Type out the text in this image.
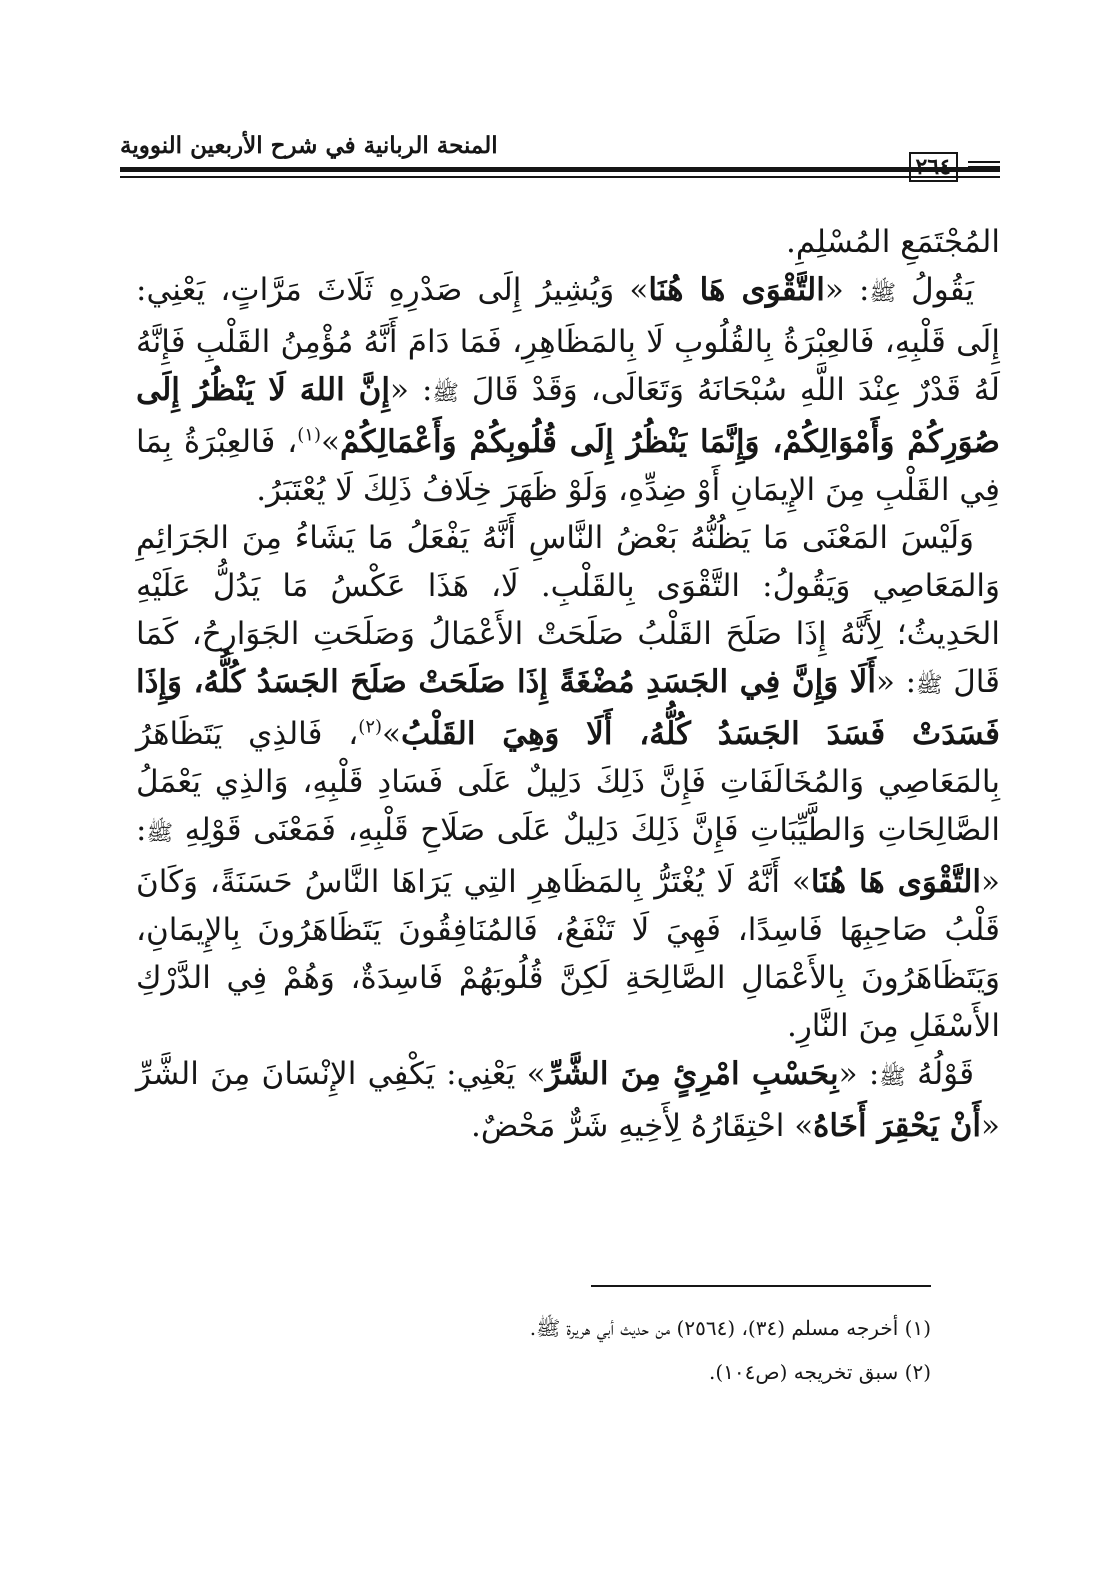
المنحة الربانية في شرح الأربعين النووية

المُجْتَمَعِ المُسْلِمِ.

يَقُولُ ﷺ: «التَّقْوَى هَا هُنَا» وَيُشِيرُ إِلَى صَدْرِهِ ثَلَاثَ مَرَّاتٍ، يَعْنِي: إِلَى قَلْبِهِ، فَالعِبْرَةُ بِالقُلُوبِ لَا بِالمَظَاهِرِ، فَمَا دَامَ أَنَّهُ مُؤْمِنُ القَلْبِ فَإِنَّهُ لَهُ قَدْرٌ عِنْدَ اللَّهِ سُبْحَانَهُ وَتَعَالَى، وَقَدْ قَالَ ﷺ: «إِنَّ اللهَ لَا يَنْظُرُ إِلَى صُوَرِكُمْ وَأَمْوَالِكُمْ، وَإِنَّمَا يَنْظُرُ إِلَى قُلُوبِكُمْ وَأَعْمَالِكُمْ»$^{(١)}$، فَالعِبْرَةُ بِمَا فِي القَلْبِ مِنَ الإِيمَانِ أَوْ ضِدِّهِ، وَلَوْ ظَهَرَ خِلَافُ ذَلِكَ لَا يُعْتَبَرُ.

وَلَيْسَ المَعْنَى مَا يَظُنُّهُ بَعْضُ النَّاسِ أَنَّهُ يَفْعَلُ مَا يَشَاءُ مِنَ الجَرَائِمِ وَالمَعَاصِي وَيَقُولُ: التَّقْوَى بِالقَلْبِ. لَا، هَذَا عَكْسُ مَا يَدُلُّ عَلَيْهِ الحَدِيثُ؛ لِأَنَّهُ إِذَا صَلَحَ القَلْبُ صَلَحَتْ الأَعْمَالُ وَصَلَحَتِ الجَوَارِحُ، كَمَا قَالَ ﷺ: «أَلَا وَإِنَّ فِي الجَسَدِ مُضْغَةً إِذَا صَلَحَتْ صَلَحَ الجَسَدُ كُلُّهُ، وَإِذَا فَسَدَتْ فَسَدَ الجَسَدُ كُلُّهُ، أَلَا وَهِيَ القَلْبُ»$^{(٢)}$، فَالذِي يَتَظَاهَرُ بِالمَعَاصِي وَالمُخَالَفَاتِ فَإِنَّ ذَلِكَ دَلِيلٌ عَلَى فَسَادِ قَلْبِهِ، وَالذِي يَعْمَلُ الصَّالِحَاتِ وَالطَّيِّبَاتِ فَإِنَّ ذَلِكَ دَلِيلٌ عَلَى صَلَاحِ قَلْبِهِ، فَمَعْنَى قَوْلِهِ ﷺ: «التَّقْوَى هَا هُنَا» أَنَّهُ لَا يُغْتَرُّ بِالمَظَاهِرِ التِي يَرَاهَا النَّاسُ حَسَنَةً، وَكَانَ قَلْبُ صَاحِبِهَا فَاسِدًا، فَهِيَ لَا تَنْفَعُ، فَالمُنَافِقُونَ يَتَظَاهَرُونَ بِالإِيمَانِ، وَيَتَظَاهَرُونَ بِالأَعْمَالِ الصَّالِحَةِ لَكِنَّ قُلُوبَهُمْ فَاسِدَةٌ، وَهُمْ فِي الدَّرْكِ الأَسْفَلِ مِنَ النَّارِ.

قَوْلُهُ ﷺ: «بِحَسْبِ امْرِئٍ مِنَ الشَّرِّ» يَعْنِي: يَكْفِي الإِنْسَانَ مِنَ الشَّرِّ «أَنْ يَحْقِرَ أَخَاهُ» احْتِقَارُهُ لِأَخِيهِ شَرٌّ مَحْضٌ.

(١) أخرجه مسلم (٣٤)، (٢٥٦٤) من حديث أبي هريرة ﷺ.

(٢) سبق تخريجه (ص١٠٤).
